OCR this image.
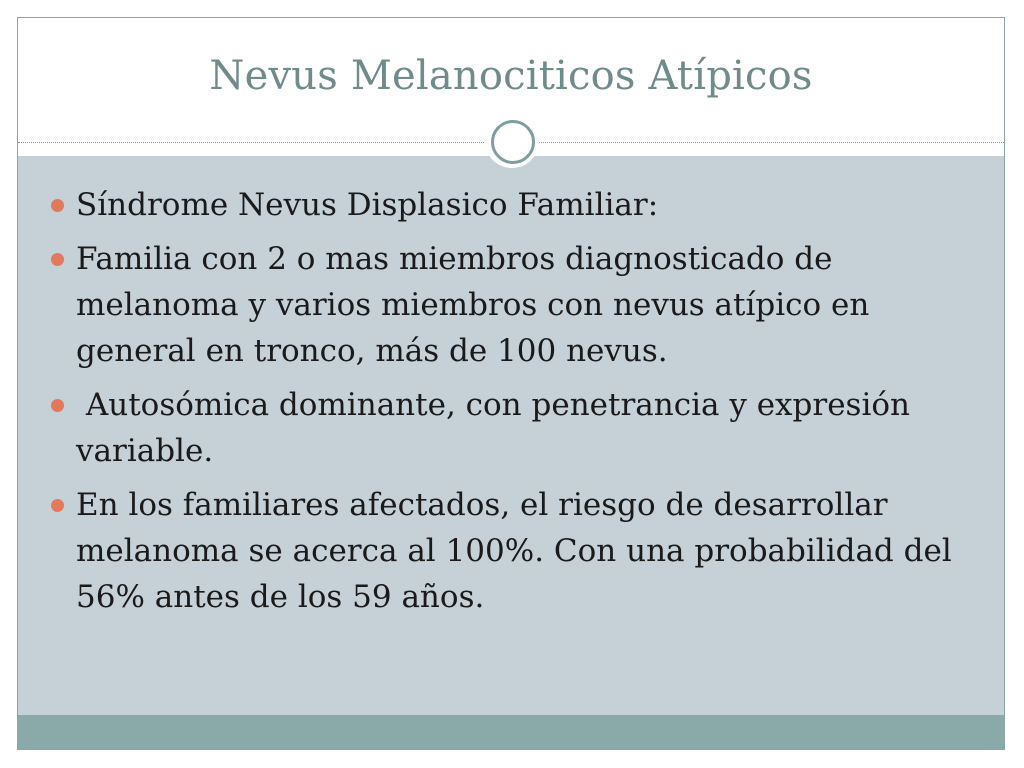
Nevus Melanociticos Atípicos
Síndrome Nevus Displasico Familiar:
Familia con 2 o mas miembros diagnosticado de melanoma y varios miembros con nevus atípico en general en tronco, más de 100 nevus.
Autosómica dominante, con penetrancia y expresión variable.
En los familiares afectados, el riesgo de desarrollar melanoma se acerca al 100%. Con una probabilidad del 56% antes de los 59 años.
